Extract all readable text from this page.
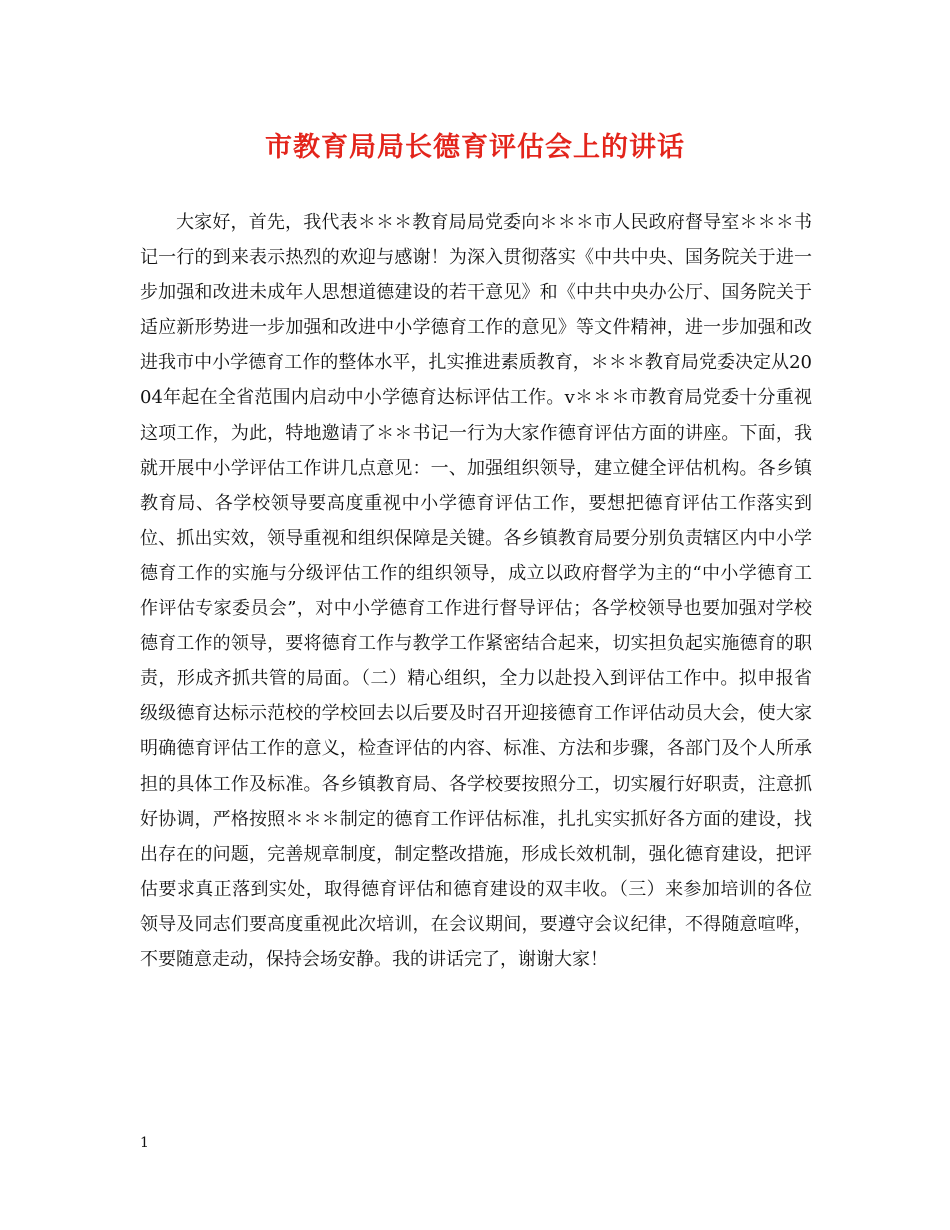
市教育局局长德育评估会上的讲话

大家好，首先，我代表＊＊＊教育局局党委向＊＊＊市人民政府督导室＊＊＊书记一行的到来表示热烈的欢迎与感谢！为深入贯彻落实《中共中央、国务院关于进一步加强和改进未成年人思想道德建设的若干意见》和《中共中央办公厅、国务院关于适应新形势进一步加强和改进中小学德育工作的意见》等文件精神，进一步加强和改进我市中小学德育工作的整体水平，扎实推进素质教育，＊＊＊教育局党委决定从2004年起在全省范围内启动中小学德育达标评估工作。v＊＊＊市教育局党委十分重视这项工作，为此，特地邀请了＊＊书记一行为大家作德育评估方面的讲座。下面，我就开展中小学评估工作讲几点意见：一、加强组织领导，建立健全评估机构。各乡镇教育局、各学校领导要高度重视中小学德育评估工作，要想把德育评估工作落实到位、抓出实效，领导重视和组织保障是关键。各乡镇教育局要分别负责辖区内中小学德育工作的实施与分级评估工作的组织领导，成立以政府督学为主的“中小学德育工作评估专家委员会”，对中小学德育工作进行督导评估；各学校领导也要加强对学校德育工作的领导，要将德育工作与教学工作紧密结合起来，切实担负起实施德育的职责，形成齐抓共管的局面。（二）精心组织，全力以赴投入到评估工作中。拟申报省级级德育达标示范校的学校回去以后要及时召开迎接德育工作评估动员大会，使大家明确德育评估工作的意义，检查评估的内容、标准、方法和步骤，各部门及个人所承担的具体工作及标准。各乡镇教育局、各学校要按照分工，切实履行好职责，注意抓好协调，严格按照＊＊＊制定的德育工作评估标准，扎扎实实抓好各方面的建设，找出存在的问题，完善规章制度，制定整改措施，形成长效机制，强化德育建设，把评估要求真正落到实处，取得德育评估和德育建设的双丰收。（三）来参加培训的各位领导及同志们要高度重视此次培训，在会议期间，要遵守会议纪律，不得随意喧哗，不要随意走动，保持会场安静。我的讲话完了，谢谢大家！

1
